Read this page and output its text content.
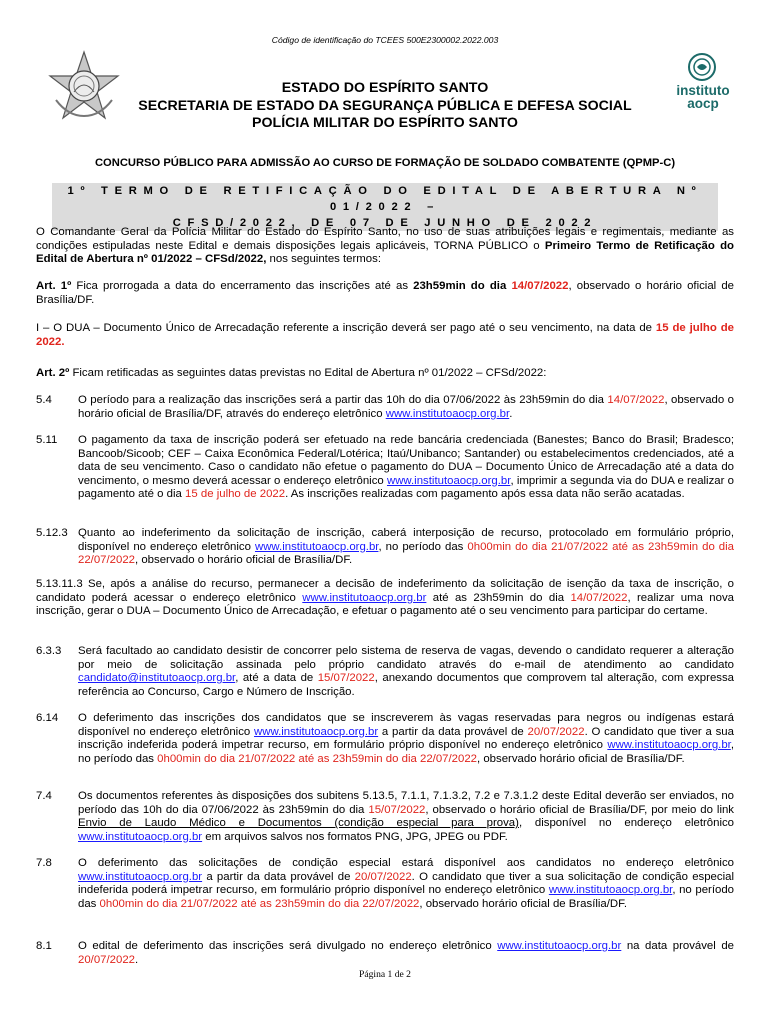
Código de identificação do TCEES 500E2300002.2022.003
instituto
aocp
ESTADO DO ESPÍRITO SANTO
SECRETARIA DE ESTADO DA SEGURANÇA PÚBLICA E DEFESA SOCIAL
POLÍCIA MILITAR DO ESPÍRITO SANTO
CONCURSO PÚBLICO PARA ADMISSÃO AO CURSO DE FORMAÇÃO DE SOLDADO COMBATENTE (QPMP-C)
1º TERMO DE RETIFICAÇÃO DO EDITAL DE ABERTURA Nº 01/2022 –
CFSD/2022, DE 07 DE JUNHO DE 2022
O Comandante Geral da Polícia Militar do Estado do Espírito Santo, no uso de suas atribuições legais e regimentais, mediante as condições estipuladas neste Edital e demais disposições legais aplicáveis, TORNA PÚBLICO o Primeiro Termo de Retificação do Edital de Abertura nº 01/2022 – CFSd/2022, nos seguintes termos:
Art. 1º Fica prorrogada a data do encerramento das inscrições até as 23h59min do dia 14/07/2022, observado o horário oficial de Brasília/DF.
I – O DUA – Documento Único de Arrecadação referente a inscrição deverá ser pago até o seu vencimento, na data de 15 de julho de 2022.
Art. 2º Ficam retificadas as seguintes datas previstas no Edital de Abertura nº 01/2022 – CFSd/2022:
5.4 O período para a realização das inscrições será a partir das 10h do dia 07/06/2022 às 23h59min do dia 14/07/2022, observado o horário oficial de Brasília/DF, através do endereço eletrônico www.institutoaocp.org.br.
5.11 O pagamento da taxa de inscrição poderá ser efetuado na rede bancária credenciada (Banestes; Banco do Brasil; Bradesco; Bancoob/Sicoob; CEF – Caixa Econômica Federal/Lotérica; Itaú/Unibanco; Santander) ou estabelecimentos credenciados, até a data de seu vencimento. Caso o candidato não efetue o pagamento do DUA – Documento Único de Arrecadação até a data do vencimento, o mesmo deverá acessar o endereço eletrônico www.institutoaocp.org.br, imprimir a segunda via do DUA e realizar o pagamento até o dia 15 de julho de 2022. As inscrições realizadas com pagamento após essa data não serão acatadas.
5.12.3 Quanto ao indeferimento da solicitação de inscrição, caberá interposição de recurso, protocolado em formulário próprio, disponível no endereço eletrônico www.institutoaocp.org.br, no período das 0h00min do dia 21/07/2022 até as 23h59min do dia 22/07/2022, observado o horário oficial de Brasília/DF.
5.13.11.3 Se, após a análise do recurso, permanecer a decisão de indeferimento da solicitação de isenção da taxa de inscrição, o candidato poderá acessar o endereço eletrônico www.institutoaocp.org.br até as 23h59min do dia 14/07/2022, realizar uma nova inscrição, gerar o DUA – Documento Único de Arrecadação, e efetuar o pagamento até o seu vencimento para participar do certame.
6.3.3 Será facultado ao candidato desistir de concorrer pelo sistema de reserva de vagas, devendo o candidato requerer a alteração por meio de solicitação assinada pelo próprio candidato através do e-mail de atendimento ao candidato candidato@institutoaocp.org.br, até a data de 15/07/2022, anexando documentos que comprovem tal alteração, com expressa referência ao Concurso, Cargo e Número de Inscrição.
6.14 O deferimento das inscrições dos candidatos que se inscreverem às vagas reservadas para negros ou indígenas estará disponível no endereço eletrônico www.institutoaocp.org.br a partir da data provável de 20/07/2022. O candidato que tiver a sua inscrição indeferida poderá impetrar recurso, em formulário próprio disponível no endereço eletrônico www.institutoaocp.org.br, no período das 0h00min do dia 21/07/2022 até as 23h59min do dia 22/07/2022, observado horário oficial de Brasília/DF.
7.4 Os documentos referentes às disposições dos subitens 5.13.5, 7.1.1, 7.1.3.2, 7.2 e 7.3.1.2 deste Edital deverão ser enviados, no período das 10h do dia 07/06/2022 às 23h59min do dia 15/07/2022, observado o horário oficial de Brasília/DF, por meio do link Envio de Laudo Médico e Documentos (condição especial para prova), disponível no endereço eletrônico www.institutoaocp.org.br em arquivos salvos nos formatos PNG, JPG, JPEG ou PDF.
7.8 O deferimento das solicitações de condição especial estará disponível aos candidatos no endereço eletrônico www.institutoaocp.org.br a partir da data provável de 20/07/2022. O candidato que tiver a sua solicitação de condição especial indeferida poderá impetrar recurso, em formulário próprio disponível no endereço eletrônico www.institutoaocp.org.br, no período das 0h00min do dia 21/07/2022 até as 23h59min do dia 22/07/2022, observado horário oficial de Brasília/DF.
8.1 O edital de deferimento das inscrições será divulgado no endereço eletrônico www.institutoaocp.org.br na data provável de 20/07/2022.
Página 1 de 2
